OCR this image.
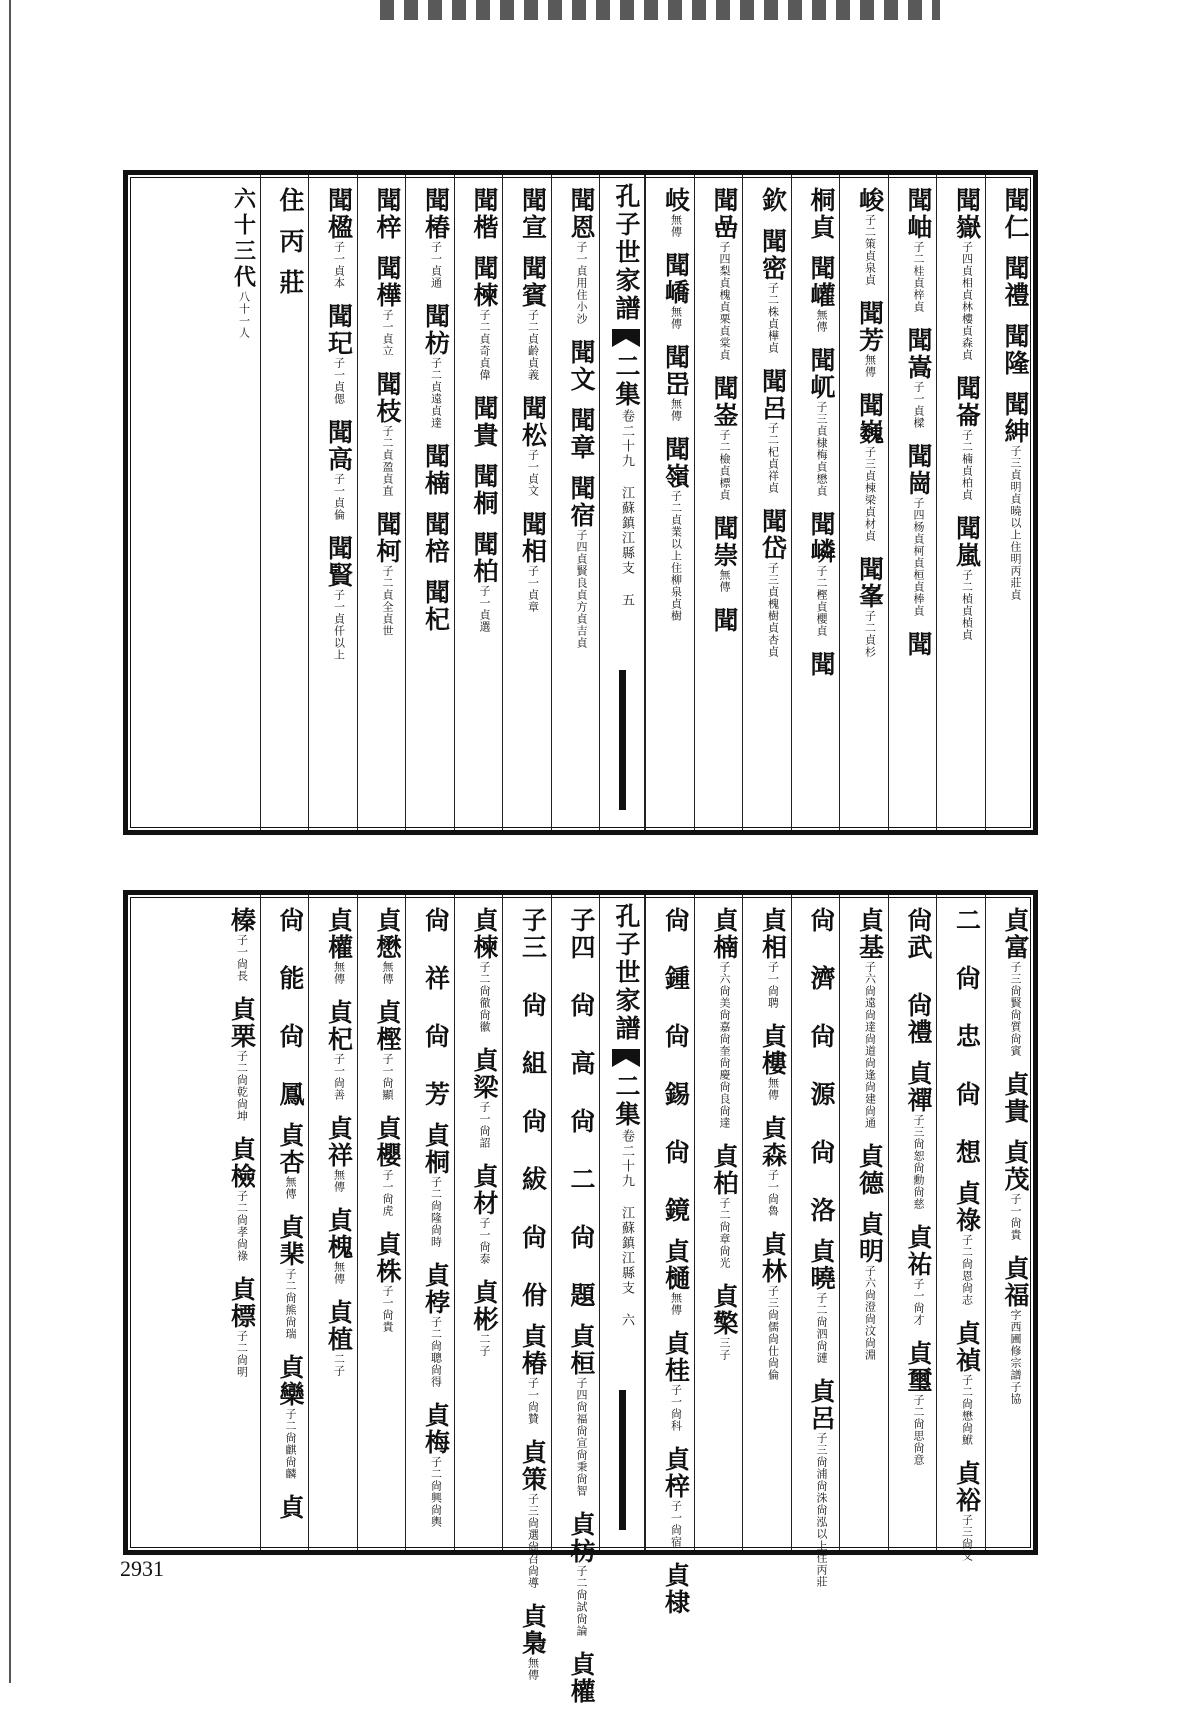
聞仁聞禮聞隆聞紳子三貞明貞曉以上住明丙莊貞
聞嶽子四貞相貞林樓貞森貞聞崙子二楠貞柏貞聞嵐子二楨貞楨貞
聞岫子二桂貞梓貞聞嵩子一貞樑聞崗子四杨貞柯貞桓貞棒貞聞
峻子二策貞泉貞聞芳無傳聞巍子三貞棟梁貞材貞聞峯子二貞杉
桐貞聞巏無傳聞屼子三貞棣梅貞懋貞聞嶙子二樫貞櫻貞聞
欽聞密子二株貞樺貞聞呂子二杞貞祥貞聞岱子三貞槐樹貞杏貞
聞嵒子四梨貞槐貞栗貞棠貞聞崟子二檢貞標貞聞崇無傳聞
岐無傳聞嶠無傳聞岊無傳聞嶺子二貞業以上住柳泉貞樹
孔子世家譜二集卷二十九 江蘇鎮江縣支 五
聞恩子一貞用住小沙聞文聞章聞宿子四貞賢良貞方貞吉貞
聞宣聞賓子二貞齡貞義聞松子一貞文聞相子一貞章
聞楷聞楝子二貞奇貞偉聞貴聞桐聞柏子一貞選
聞椿子一貞通聞枋子二貞遠貞達聞楠聞棓聞杞
聞梓聞樺子一貞立聞枝子二貞盈貞直聞柯子二貞全貞世
聞楹子一貞本聞玘子一貞偲聞高子一貞倫聞賢子一貞仟以上
住丙莊
六十三代八十一人
貞富子三尙賢尙質尙賓貞貴貞茂子一尙貴貞福字西圃修宗譜子協
二 尙 忠 尙 想貞祿子二尙恩尙志貞禎子二尙懋尙鮲貞裕子三尙文
尙武 尙禮貞禪子三尙恕尙勳尙慈貞祐子一尙才貞璽子二尙思尙意
貞基子六尙遠尙達尙道尙逢尙建尙通貞德貞明子六尙澄尙汶尙淵
尙 濟 尙 源 尙 洛貞曉子二尙泗尙漣貞呂子三尙浦尙洙尙泓以上住丙莊
貞相子一尙聘貞樓無傳貞森子一尙魯貞林子三尙儒尙仕尙倫
貞楠子六尙美尙嘉尙奎尙慶尙良尙達貞柏子二尙章尙光貞檠三子
尙 鍾 尙 錫 尙 鏡貞樋無傳貞桂子一尙科貞梓子一尙宿貞棣
孔子世家譜二集卷二十九 江蘇鎮江縣支 六
子四 尙 高 尙 二 尙 題貞桓子四尙福尙宣尙秉尙智貞枋子二尙試尙論貞權
子三 尙 組 尙 紱 尙 佾貞椿子一尙贊貞策子三尙選尙召尙導貞梟無傳
貞楝子二尙徹尙徽貞梁子一尙詔貞材子一尙泰貞彬二子
尙 祥 尙 芳貞桐子二尙隆尙時貞桲子二尙聰尙得貞梅子二尙興尙輿
貞懋無傳貞樫子一尙顯貞櫻子一尙虎貞株子一尙貴
貞權無傳貞杞子一尙善貞祥無傳貞槐無傳貞植二子
尙 能 尙 鳳貞杏無傳貞棐子二尙熊尙瑞貞欒子二尙麒尙麟貞
榛子一尙長貞栗子二尙乾尙坤貞檢子二尙孝尙祿貞標子二尙明
2931
